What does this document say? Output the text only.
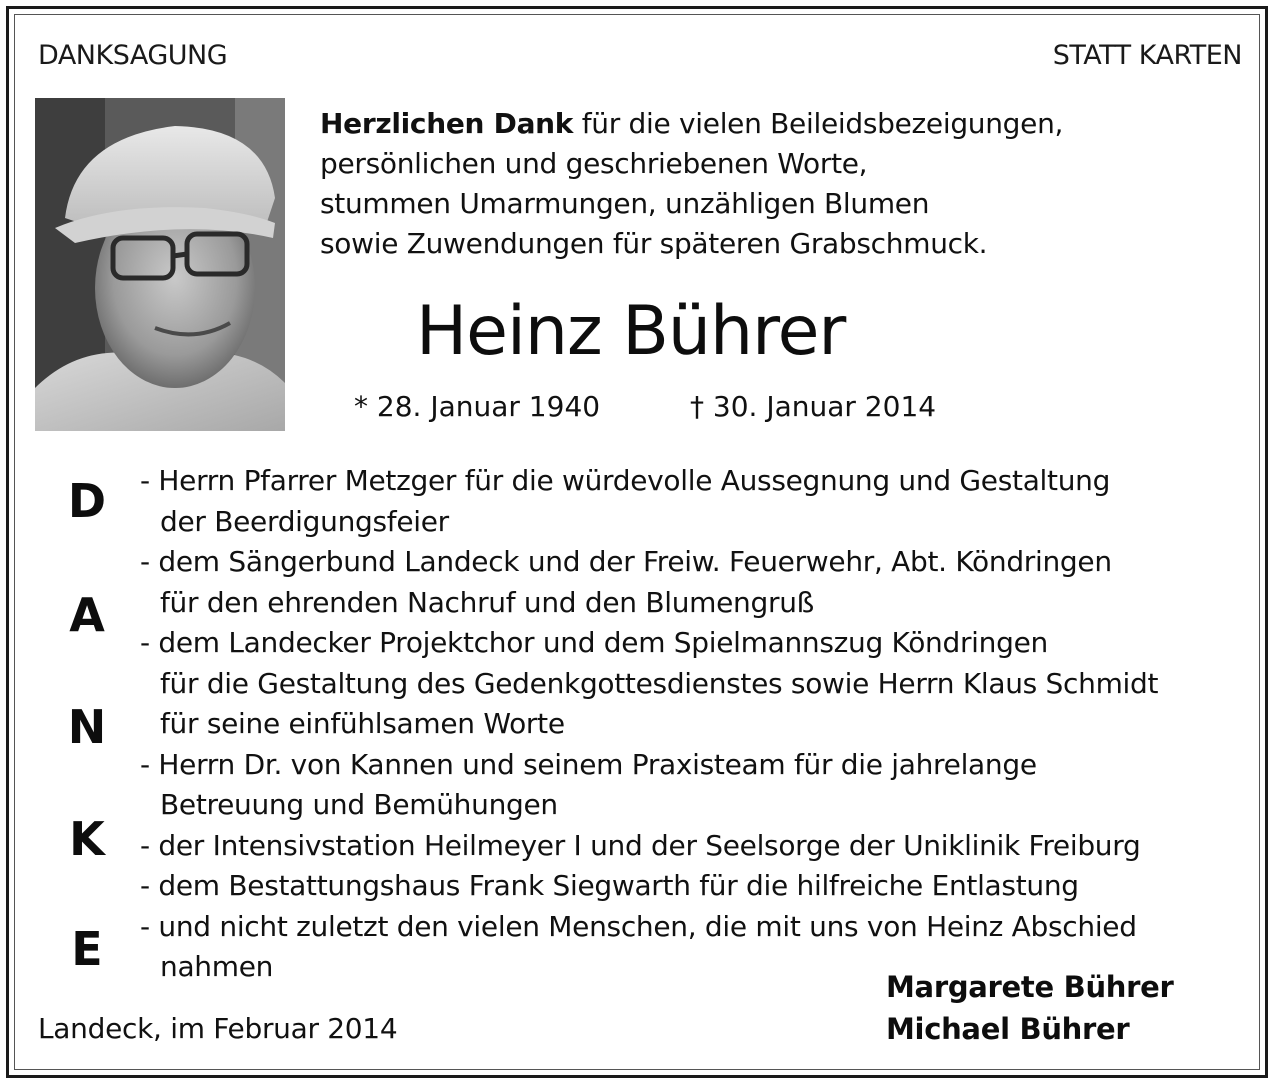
DANKSAGUNG	STATT KARTEN
Herzlichen Dank für die vielen Beileidsbezeigungen,
persönlichen und geschriebenen Worte,
stummen Umarmungen, unzähligen Blumen
sowie Zuwendungen für späteren Grabschmuck.
Heinz Bührer
* 28. Januar 1940	† 30. Januar 2014
D
A
N
K
E
- Herrn Pfarrer Metzger für die würdevolle Aussegnung und Gestaltung
der Beerdigungsfeier
- dem Sängerbund Landeck und der Freiw. Feuerwehr, Abt. Köndringen
für den ehrenden Nachruf und den Blumengruß
- dem Landecker Projektchor und dem Spielmannszug Köndringen
für die Gestaltung des Gedenkgottesdienstes sowie Herrn Klaus Schmidt
für seine einfühlsamen Worte
- Herrn Dr. von Kannen und seinem Praxisteam für die jahrelange
Betreuung und Bemühungen
- der Intensivstation Heilmeyer I und der Seelsorge der Uniklinik Freiburg
- dem Bestattungshaus Frank Siegwarth für die hilfreiche Entlastung
- und nicht zuletzt den vielen Menschen, die mit uns von Heinz Abschied
nahmen
Landeck, im Februar 2014
Margarete Bührer
Michael Bührer
